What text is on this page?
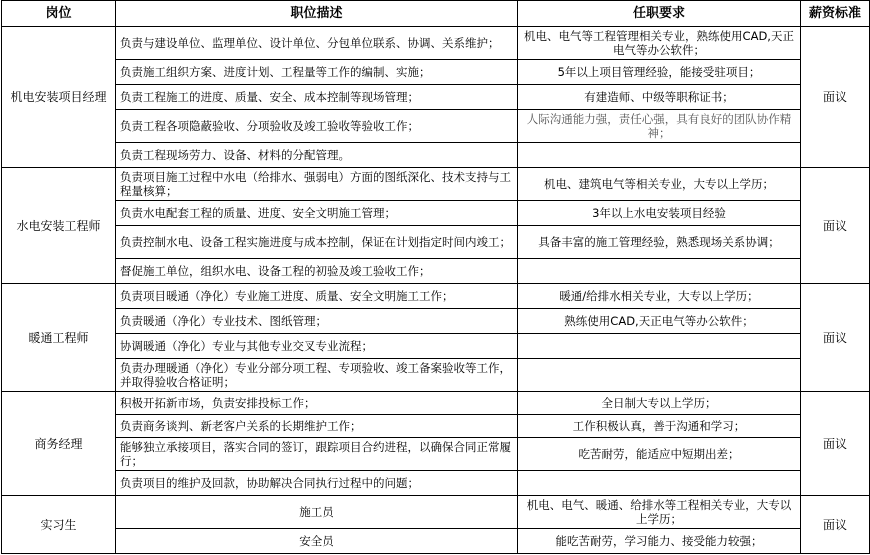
岗位	职位描述	任职要求	薪资标准
机电安装项目经理	负责与建设单位、监理单位、设计单位、分包单位联系、协调、关系维护；	机电、电气等工程管理相关专业，熟练使用CAD,天正电气等办公软件；	面议
	负责施工组织方案、进度计划、工程量等工作的编制、实施；	5年以上项目管理经验，能接受驻项目；	
	负责工程施工的进度、质量、安全、成本控制等现场管理；	有建造师、中级等职称证书；	
	负责工程各项隐蔽验收、分项验收及竣工验收等验收工作；	人际沟通能力强，责任心强，具有良好的团队协作精神；	
	负责工程现场劳力、设备、材料的分配管理。		
水电安装工程师	负责项目施工过程中水电（给排水、强弱电）方面的图纸深化、技术支持与工程量核算；	机电、建筑电气等相关专业，大专以上学历；	面议
	负责水电配套工程的质量、进度、安全文明施工管理；	3年以上水电安装项目经验	
	负责控制水电、设备工程实施进度与成本控制，保证在计划指定时间内竣工；	具备丰富的施工管理经验，熟悉现场关系协调；	
	督促施工单位，组织水电、设备工程的初验及竣工验收工作；		
暖通工程师	负责项目暖通（净化）专业施工进度、质量、安全文明施工工作；	暖通/给排水相关专业，大专以上学历；	面议
	负责暖通（净化）专业技术、图纸管理；	熟练使用CAD,天正电气等办公软件；	
	协调暖通（净化）专业与其他专业交叉专业流程；		
	负责办理暖通（净化）专业分部分项工程、专项验收、竣工备案验收等工作，并取得验收合格证明；		
商务经理	积极开拓新市场，负责安排投标工作；	全日制大专以上学历；	面议
	负责商务谈判、新老客户关系的长期维护工作；	工作积极认真，善于沟通和学习；	
	能够独立承接项目，落实合同的签订，跟踪项目合约进程，以确保合同正常履行；	吃苦耐劳，能适应中短期出差；	
	负责项目的维护及回款，协助解决合同执行过程中的问题；		
实习生	施工员	机电、电气、暖通、给排水等工程相关专业，大专以上学历；	面议
	安全员	能吃苦耐劳，学习能力、接受能力较强；	
